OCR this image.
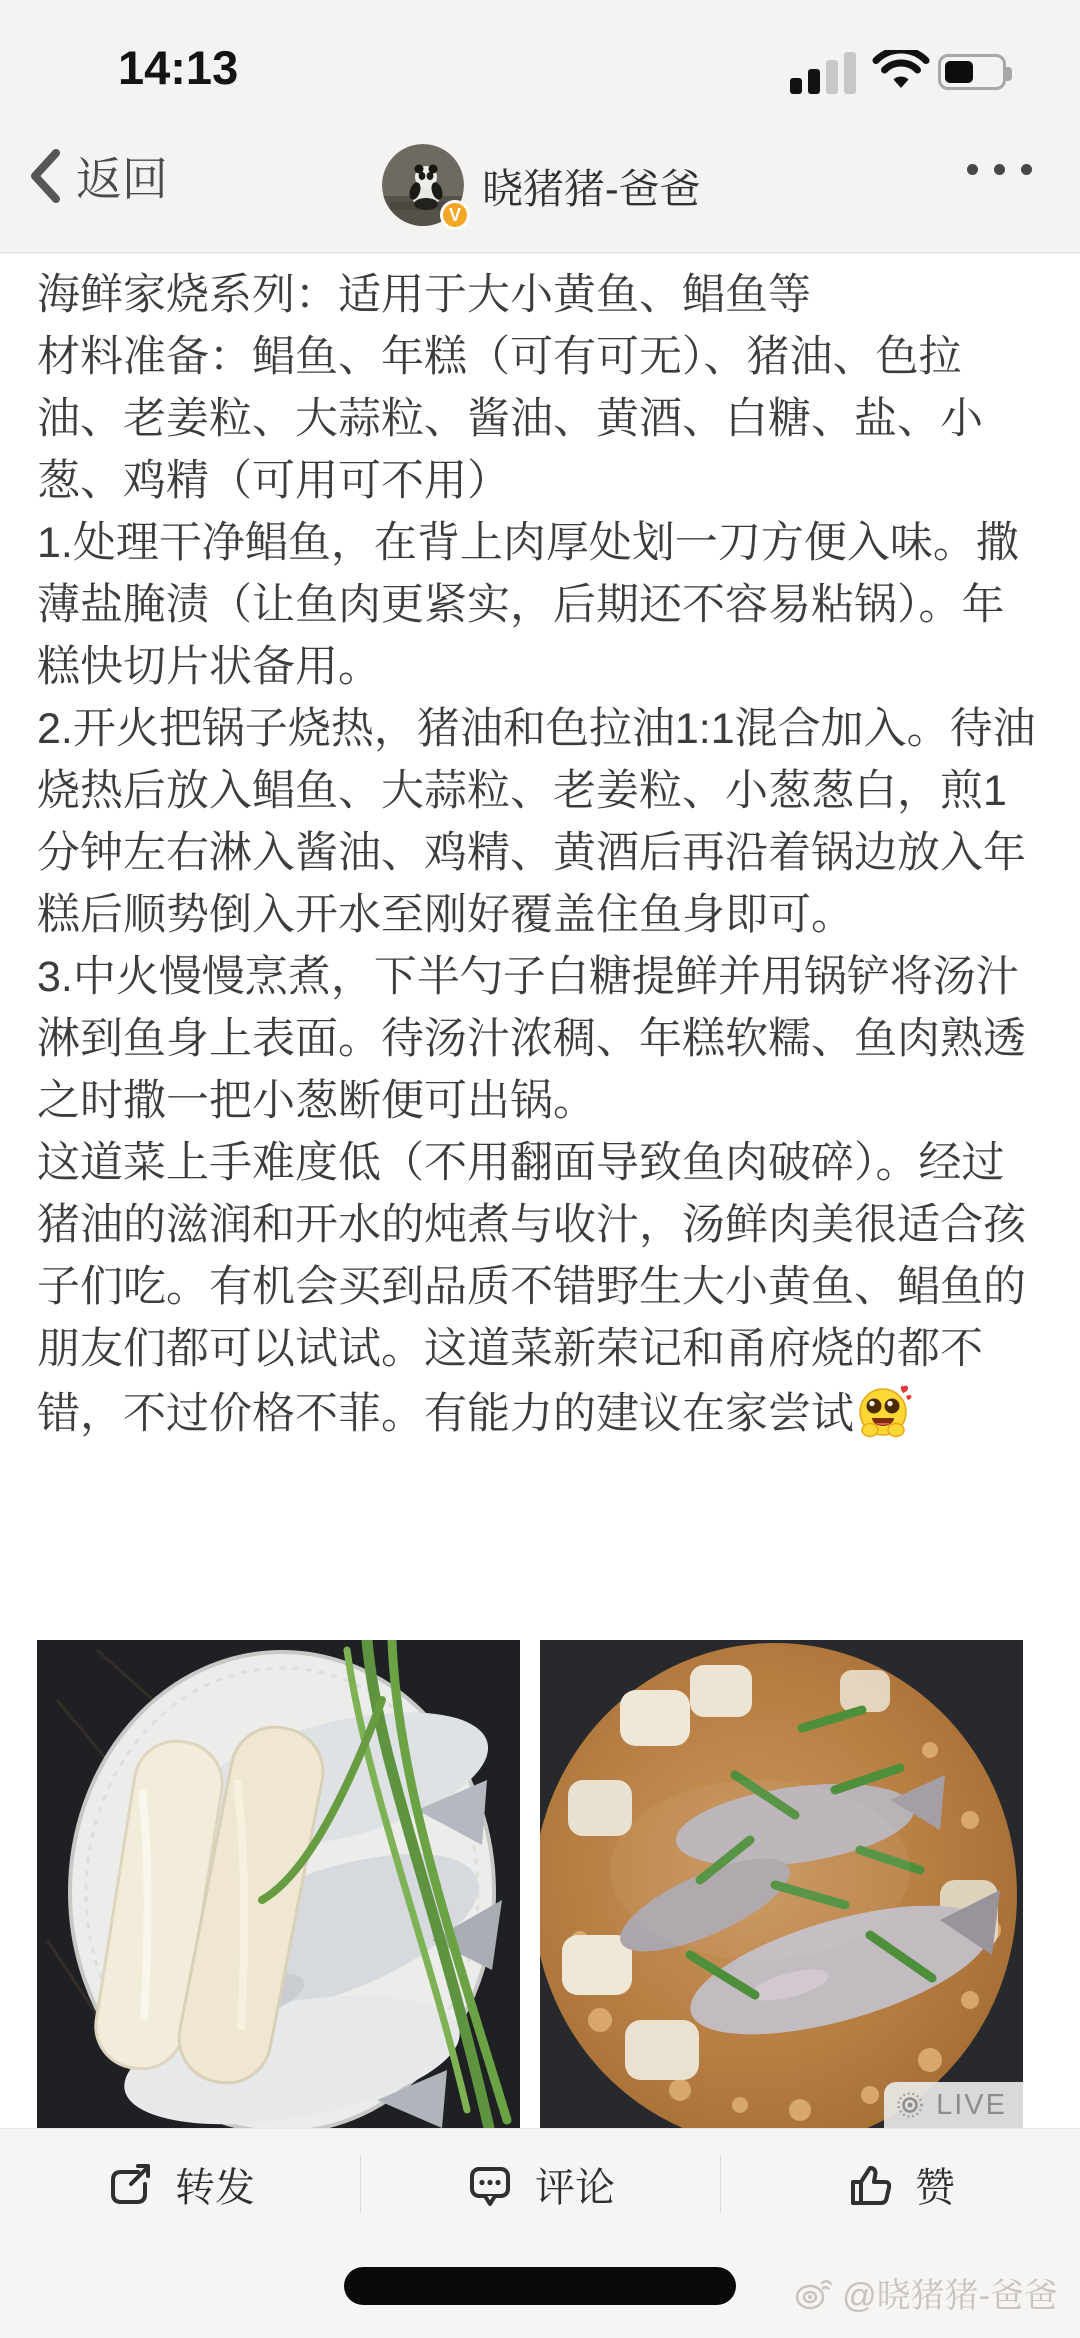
14:13
返回
V
晓猪猪-爸爸

海鲜家烧系列：适用于大小黄鱼、鲳鱼等

材料准备：鲳鱼、年糕（可有可无）、猪油、色拉油、老姜粒、大蒜粒、酱油、黄酒、白糖、盐、小葱、鸡精（可用可不用）

1.处理干净鲳鱼，在背上肉厚处划一刀方便入味。撒薄盐腌渍（让鱼肉更紧实，后期还不容易粘锅）。年糕快切片状备用。

2.开火把锅子烧热，猪油和色拉油1:1混合加入。待油烧热后放入鲳鱼、大蒜粒、老姜粒、小葱葱白，煎1分钟左右淋入酱油、鸡精、黄酒后再沿着锅边放入年糕后顺势倒入开水至刚好覆盖住鱼身即可。

3.中火慢慢烹煮，下半勺子白糖提鲜并用锅铲将汤汁淋到鱼身上表面。待汤汁浓稠、年糕软糯、鱼肉熟透之时撒一把小葱断便可出锅。

这道菜上手难度低（不用翻面导致鱼肉破碎）。经过猪油的滋润和开水的炖煮与收汁，汤鲜肉美很适合孩子们吃。有机会买到品质不错野生大小黄鱼、鲳鱼的朋友们都可以试试。这道菜新荣记和甬府烧的都不错，不过价格不菲。有能力的建议在家尝试

LIVE
转发	评论	赞
@晓猪猪-爸爸
